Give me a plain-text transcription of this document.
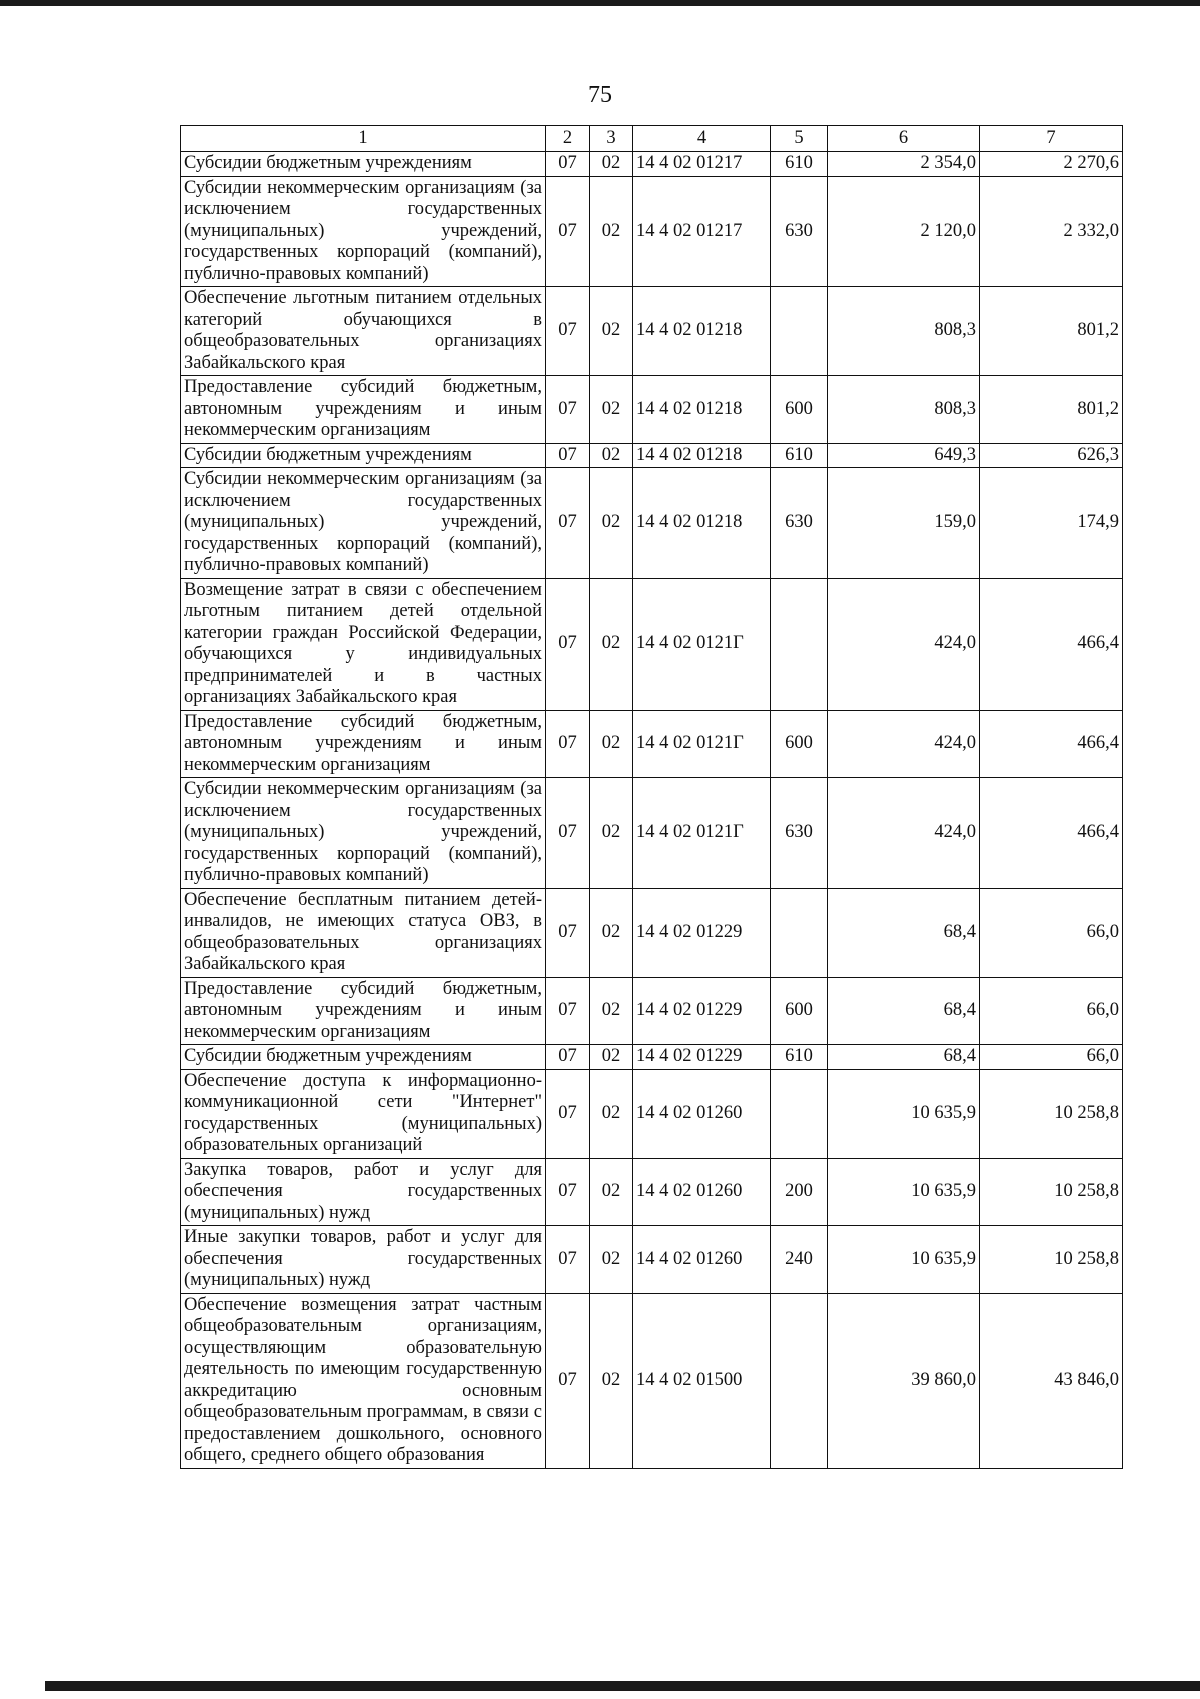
75
1	2	3	4	5	6	7
Субсидии бюджетным учреждениям	07	02	14 4 02 01217	610	2 354,0	2 270,6
Субсидии некоммерческим организациям (за исключением государственных (муниципальных) учреждений, государственных корпораций (компаний), публично-правовых компаний)	07	02	14 4 02 01217	630	2 120,0	2 332,0
Обеспечение льготным питанием отдельных категорий обучающихся в общеобразовательных организациях Забайкальского края	07	02	14 4 02 01218		808,3	801,2
Предоставление субсидий бюджетным, автономным учреждениям и иным некоммерческим организациям	07	02	14 4 02 01218	600	808,3	801,2
Субсидии бюджетным учреждениям	07	02	14 4 02 01218	610	649,3	626,3
Субсидии некоммерческим организациям (за исключением государственных (муниципальных) учреждений, государственных корпораций (компаний), публично-правовых компаний)	07	02	14 4 02 01218	630	159,0	174,9
Возмещение затрат в связи с обеспечением льготным питанием детей отдельной категории граждан Российской Федерации, обучающихся у индивидуальных предпринимателей и в частных организациях Забайкальского края	07	02	14 4 02 0121Г		424,0	466,4
Предоставление субсидий бюджетным, автономным учреждениям и иным некоммерческим организациям	07	02	14 4 02 0121Г	600	424,0	466,4
Субсидии некоммерческим организациям (за исключением государственных (муниципальных) учреждений, государственных корпораций (компаний), публично-правовых компаний)	07	02	14 4 02 0121Г	630	424,0	466,4
Обеспечение бесплатным питанием детей-инвалидов, не имеющих статуса ОВЗ, в общеобразовательных организациях Забайкальского края	07	02	14 4 02 01229		68,4	66,0
Предоставление субсидий бюджетным, автономным учреждениям и иным некоммерческим организациям	07	02	14 4 02 01229	600	68,4	66,0
Субсидии бюджетным учреждениям	07	02	14 4 02 01229	610	68,4	66,0
Обеспечение доступа к информационно-коммуникационной сети "Интернет" государственных (муниципальных) образовательных организаций	07	02	14 4 02 01260		10 635,9	10 258,8
Закупка товаров, работ и услуг для обеспечения государственных (муниципальных) нужд	07	02	14 4 02 01260	200	10 635,9	10 258,8
Иные закупки товаров, работ и услуг для обеспечения государственных (муниципальных) нужд	07	02	14 4 02 01260	240	10 635,9	10 258,8
Обеспечение возмещения затрат частным общеобразовательным организациям, осуществляющим образовательную деятельность по имеющим государственную аккредитацию основным общеобразовательным программам, в связи с предоставлением дошкольного, основного общего, среднего общего образования	07	02	14 4 02 01500		39 860,0	43 846,0
